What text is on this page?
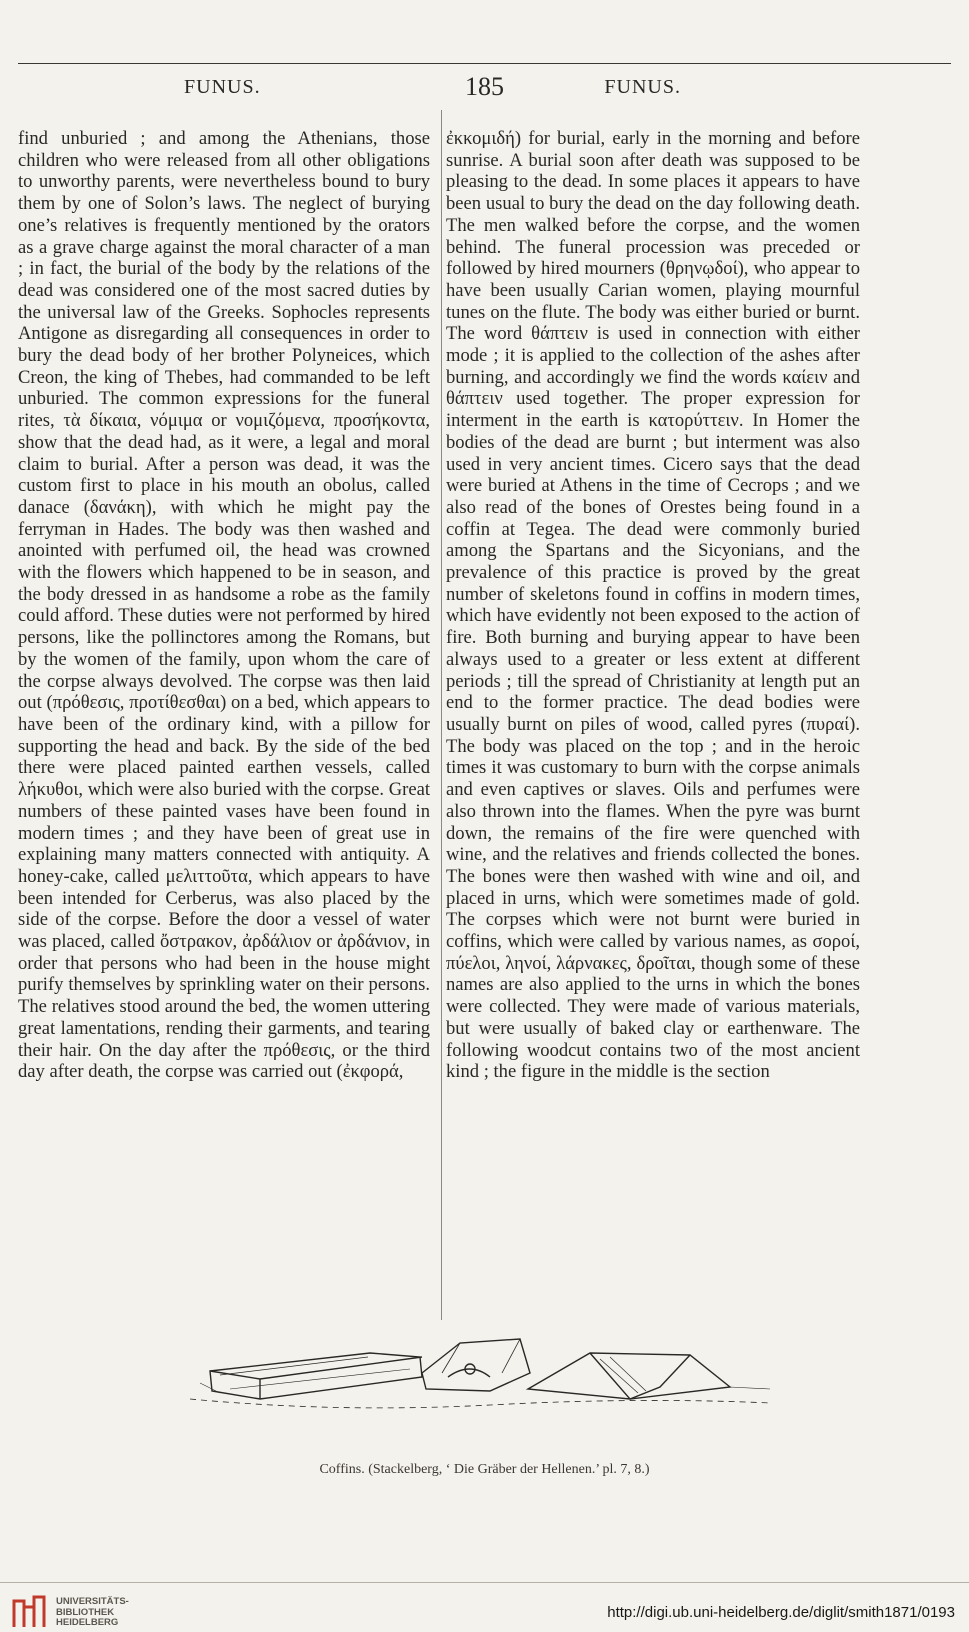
FUNUS.	185	FUNUS.

find unburied ; and among the Athenians, those children who were released from all other obligations to unworthy parents, were nevertheless bound to bury them by one of Solon’s laws. The neglect of burying one’s relatives is frequently mentioned by the orators as a grave charge against the moral character of a man ; in fact, the burial of the body by the relations of the dead was considered one of the most sacred duties by the universal law of the Greeks. Sophocles represents Antigone as disregarding all consequences in order to bury the dead body of her brother Polyneices, which Creon, the king of Thebes, had commanded to be left unburied. The common expressions for the funeral rites, τὰ δίκαια, νόμιμα or νομιζόμενα, προσήκοντα, show that the dead had, as it were, a legal and moral claim to burial. After a person was dead, it was the custom first to place in his mouth an obolus, called danace (δανάκη), with which he might pay the ferryman in Hades. The body was then washed and anointed with perfumed oil, the head was crowned with the flowers which happened to be in season, and the body dressed in as handsome a robe as the family could afford. These duties were not performed by hired persons, like the pollinctores among the Romans, but by the women of the family, upon whom the care of the corpse always devolved. The corpse was then laid out (πρόθεσις, προτίθεσθαι) on a bed, which appears to have been of the ordinary kind, with a pillow for supporting the head and back. By the side of the bed there were placed painted earthen vessels, called λήκυθοι, which were also buried with the corpse. Great numbers of these painted vases have been found in modern times ; and they have been of great use in explaining many matters connected with antiquity. A honey-cake, called μελιττοῦτα, which appears to have been intended for Cerberus, was also placed by the side of the corpse. Before the door a vessel of water was placed, called ὄστρακον, ἀρδάλιον or ἀρδάνιον, in order that persons who had been in the house might purify themselves by sprinkling water on their persons. The relatives stood around the bed, the women uttering great lamentations, rending their garments, and tearing their hair. On the day after the πρόθεσις, or the third day after death, the corpse was carried out (ἐκφορά,

ἐκκομιδή) for burial, early in the morning and before sunrise. A burial soon after death was supposed to be pleasing to the dead. In some places it appears to have been usual to bury the dead on the day following death. The men walked before the corpse, and the women behind. The funeral procession was preceded or followed by hired mourners (θρηνῳδοί), who appear to have been usually Carian women, playing mournful tunes on the flute. The body was either buried or burnt. The word θάπτειν is used in connection with either mode ; it is applied to the collection of the ashes after burning, and accordingly we find the words καίειν and θάπτειν used together. The proper expression for interment in the earth is κατορύττειν. In Homer the bodies of the dead are burnt ; but interment was also used in very ancient times. Cicero says that the dead were buried at Athens in the time of Cecrops ; and we also read of the bones of Orestes being found in a coffin at Tegea. The dead were commonly buried among the Spartans and the Sicyonians, and the prevalence of this practice is proved by the great number of skeletons found in coffins in modern times, which have evidently not been exposed to the action of fire. Both burning and burying appear to have been always used to a greater or less extent at different periods ; till the spread of Christianity at length put an end to the former practice. The dead bodies were usually burnt on piles of wood, called pyres (πυραί). The body was placed on the top ; and in the heroic times it was customary to burn with the corpse animals and even captives or slaves. Oils and perfumes were also thrown into the flames. When the pyre was burnt down, the remains of the fire were quenched with wine, and the relatives and friends collected the bones. The bones were then washed with wine and oil, and placed in urns, which were sometimes made of gold. The corpses which were not burnt were buried in coffins, which were called by various names, as σοροί, πύελοι, ληνοί, λάρνακες, δροῖται, though some of these names are also applied to the urns in which the bones were collected. They were made of various materials, but were usually of baked clay or earthenware. The following woodcut contains two of the most ancient kind ; the figure in the middle is the section

Coffins. (Stackelberg, ‘ Die Gräber der Hellenen.’ pl. 7, 8.)
UNIVERSITÄTS-
BIBLIOTHEK
HEIDELBERG
http://digi.ub.uni-heidelberg.de/diglit/smith1871/0193
